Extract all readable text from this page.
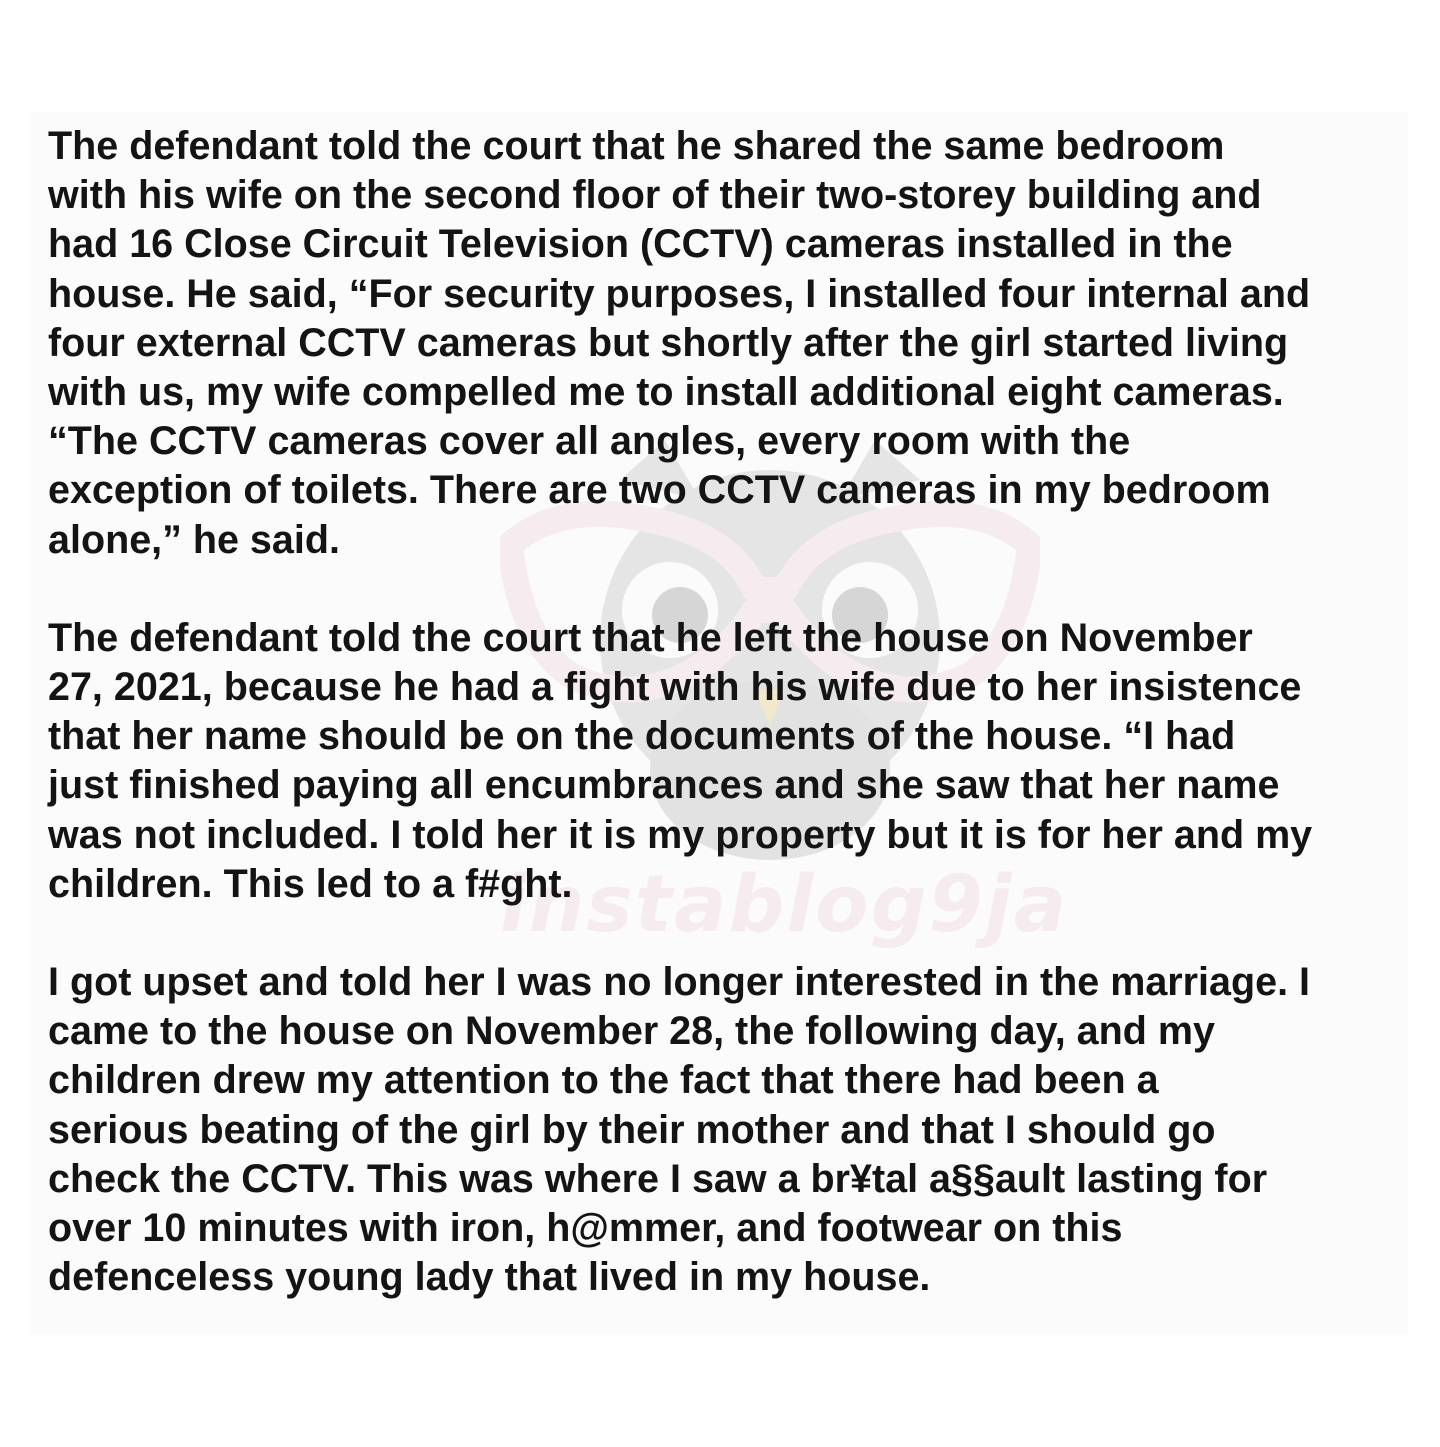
instablog9ja

The defendant told the court that he shared the same bedroom
with his wife on the second floor of their two-storey building and
had 16 Close Circuit Television (CCTV) cameras installed in the
house. He said, “For security purposes, I installed four internal and
four external CCTV cameras but shortly after the girl started living
with us, my wife compelled me to install additional eight cameras.
“The CCTV cameras cover all angles, every room with the
exception of toilets. There are two CCTV cameras in my bedroom
alone,” he said.

The defendant told the court that he left the house on November
27, 2021, because he had a fight with his wife due to her insistence
that her name should be on the documents of the house. “I had
just finished paying all encumbrances and she saw that her name
was not included. I told her it is my property but it is for her and my
children. This led to a f#ght.

I got upset and told her I was no longer interested in the marriage. I
came to the house on November 28, the following day, and my
children drew my attention to the fact that there had been a
serious beating of the girl by their mother and that I should go
check the CCTV. This was where I saw a br¥tal a§§ault lasting for
over 10 minutes with iron, h@mmer, and footwear on this
defenceless young lady that lived in my house.
